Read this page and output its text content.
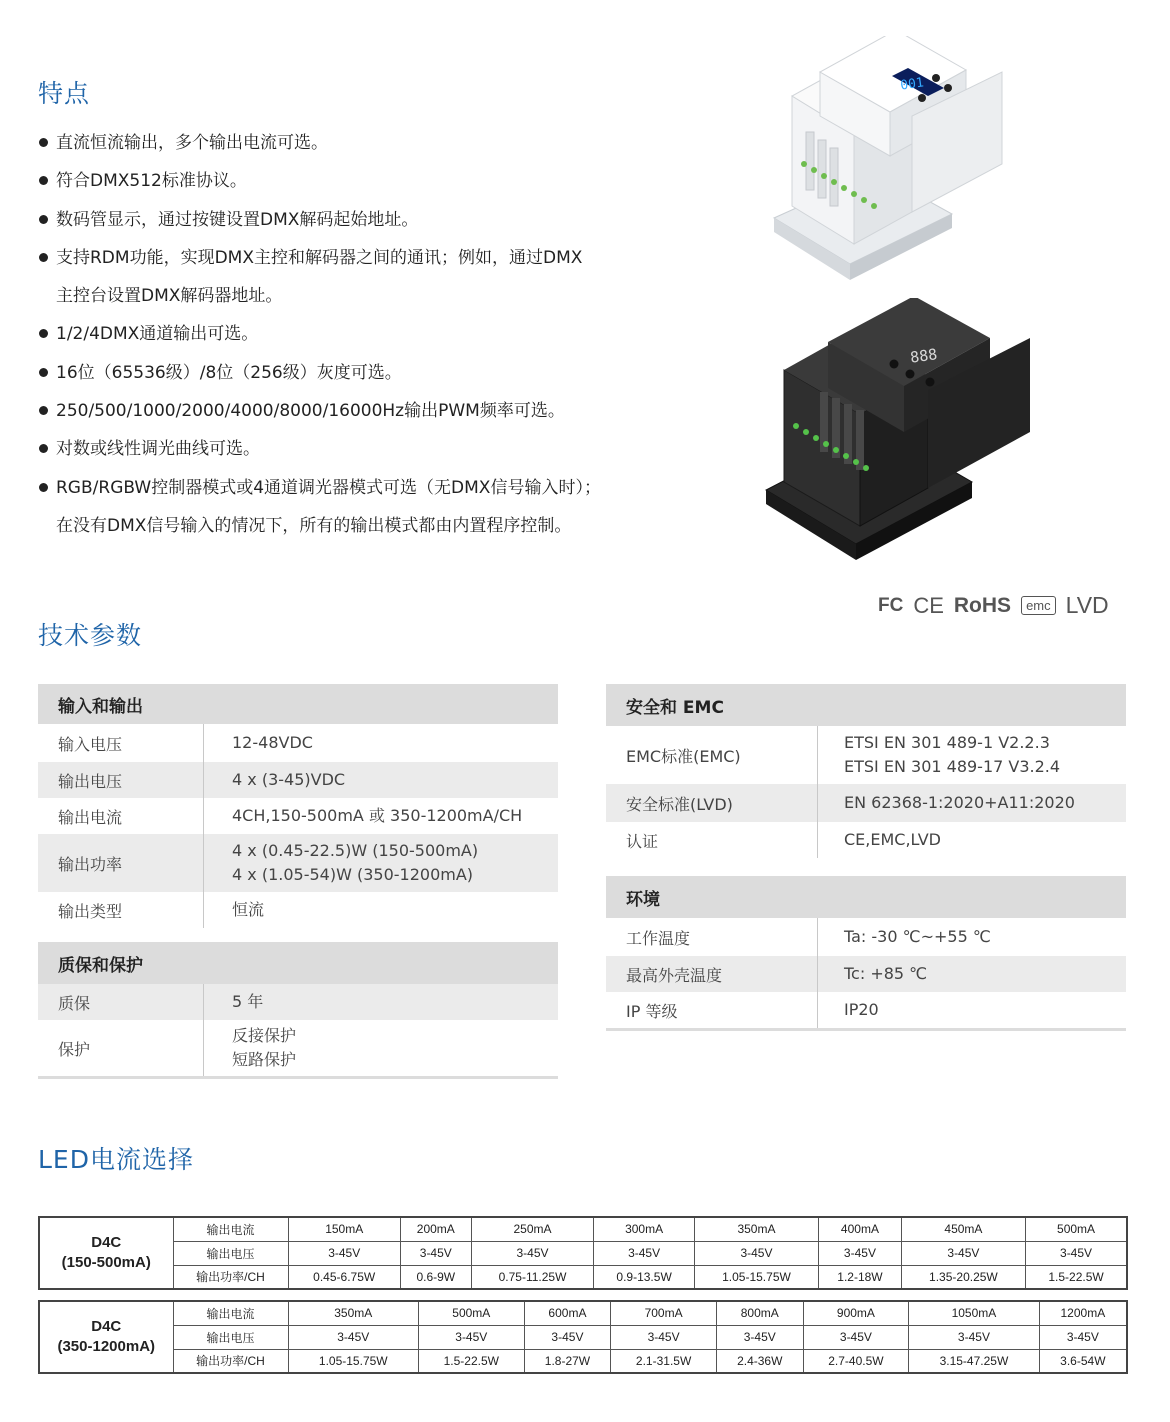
特点
直流恒流输出，多个输出电流可选。
符合DMX512标准协议。
数码管显示，通过按键设置DMX解码起始地址。
支持RDM功能，实现DMX主控和解码器之间的通讯；例如，通过DMX
主控台设置DMX解码器地址。
1/2/4DMX通道输出可选。
16位（65536级）/8位（256级）灰度可选。
250/500/1000/2000/4000/8000/16000Hz输出PWM频率可选。
对数或线性调光曲线可选。
RGB/RGBW控制器模式或4通道调光器模式可选（无DMX信号输入时）；
在没有DMX信号输入的情况下，所有的输出模式都由内置程序控制。
001
888
FC CE RoHS	emc LVD
技术参数
输入和输出
输入电压	12-48VDC
输出电压	4 x (3-45)VDC
输出电流	4CH,150-500mA 或 350-1200mA/CH
输出功率
4 x (0.45-22.5)W (150-500mA)
4 x (1.05-54)W (350-1200mA)
输出类型	恒流
质保和保护
质保	5 年
保护
反接保护
短路保护
安全和 EMC
EMC标准(EMC)
ETSI EN 301 489-1 V2.2.3
ETSI EN 301 489-17 V3.2.4
安全标准(LVD)	EN 62368-1:2020+A11:2020
认证	CE,EMC,LVD
环境
工作温度	Ta: -30 ℃~+55 ℃
最高外壳温度	Tc: +85 ℃
IP 等级	IP20
LED电流选择
D4C
(150-500mA)	输出电流	150mA	200mA	250mA	300mA	350mA	400mA	450mA	500mA
	输出电压	3-45V	3-45V	3-45V	3-45V	3-45V	3-45V	3-45V	3-45V
	输出功率/CH	0.45-6.75W	0.6-9W	0.75-11.25W	0.9-13.5W	1.05-15.75W	1.2-18W	1.35-20.25W	1.5-22.5W
D4C
(350-1200mA)	输出电流	350mA	500mA	600mA	700mA	800mA	900mA	1050mA	1200mA
	输出电压	3-45V	3-45V	3-45V	3-45V	3-45V	3-45V	3-45V	3-45V
	输出功率/CH	1.05-15.75W	1.5-22.5W	1.8-27W	2.1-31.5W	2.4-36W	2.7-40.5W	3.15-47.25W	3.6-54W
